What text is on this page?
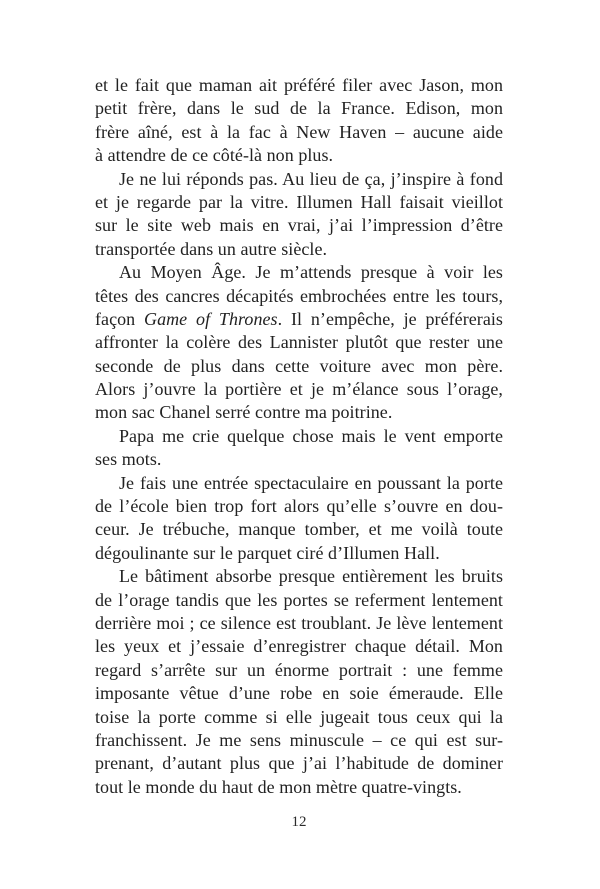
et le fait que maman ait préféré filer avec Jason, mon
petit frère, dans le sud de la France. Edison, mon
frère aîné, est à la fac à New Haven – aucune aide
à attendre de ce côté-là non plus.
Je ne lui réponds pas. Au lieu de ça, j’inspire à fond
et je regarde par la vitre. Illumen Hall faisait vieillot
sur le site web mais en vrai, j’ai l’impression d’être
transportée dans un autre siècle.
Au Moyen Âge. Je m’attends presque à voir les
têtes des cancres décapités embrochées entre les tours,
façon Game of Thrones. Il n’empêche, je préférerais
affronter la colère des Lannister plutôt que rester une
seconde de plus dans cette voiture avec mon père.
Alors j’ouvre la portière et je m’élance sous l’orage,
mon sac Chanel serré contre ma poitrine.
Papa me crie quelque chose mais le vent emporte
ses mots.
Je fais une entrée spectaculaire en poussant la porte
de l’école bien trop fort alors qu’elle s’ouvre en dou-
ceur. Je trébuche, manque tomber, et me voilà toute
dégoulinante sur le parquet ciré d’Illumen Hall.
Le bâtiment absorbe presque entièrement les bruits
de l’orage tandis que les portes se referment lentement
derrière moi ; ce silence est troublant. Je lève lentement
les yeux et j’essaie d’enregistrer chaque détail. Mon
regard s’arrête sur un énorme portrait : une femme
imposante vêtue d’une robe en soie émeraude. Elle
toise la porte comme si elle jugeait tous ceux qui la
franchissent. Je me sens minuscule – ce qui est sur-
prenant, d’autant plus que j’ai l’habitude de dominer
tout le monde du haut de mon mètre quatre-vingts.
12
